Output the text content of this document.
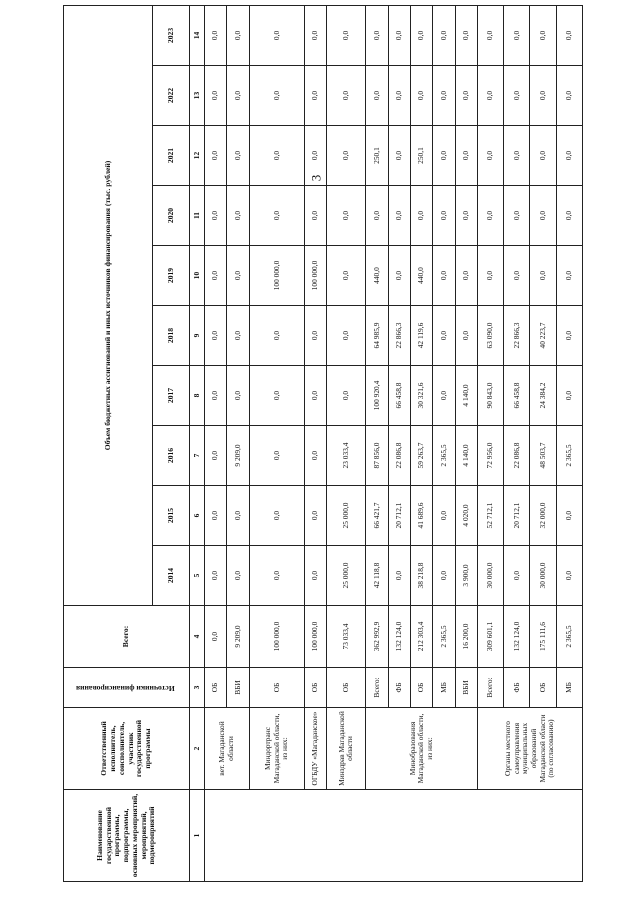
3
Наименование государственной программы, подпрограммы, основных мероприятий, мероприятий, подмероприятий	Ответственный исполнитель, соисполнитель, участник государственной программы	Источники финансирования	Всего:	Объем бюджетных ассигнований и иных источников финансирования (тыс. рублей)									
				2014	2015	2016	2017	2018	2019	2020	2021	2022	2023
1	2	3	4	5	6	7	8	9	10	11	12	13	14
	вет. Магаданской области	ОБ	0,0	0,0	0,0	0,0	0,0	0,0	0,0	0,0	0,0	0,0	0,0
		ВБИ	9 209,0	0,0	0,0	9 209,0	0,0	0,0	0,0	0,0	0,0	0,0	0,0
	Миндортранс Магаданской области, из них:	ОБ	100 000,0	0,0	0,0	0,0	0,0	0,0	100 000,0	0,0	0,0	0,0	0,0
	ОГБДУ «Магаданское»	ОБ	100 000,0	0,0	0,0	0,0	0,0	0,0	100 000,0	0,0	0,0	0,0	0,0
	Минздрав Магаданской области	ОБ	73 033,4	25 000,0	25 000,0	23 033,4	0,0	0,0	0,0	0,0	0,0	0,0	0,0
	Минобразования Магаданской области, из них:	Всего:	362 992,9	42 118,8	66 421,7	87 856,0	100 920,4	64 985,9	440,0	0,0	250,1	0,0	0,0
		ФБ	132 124,0	0,0	20 712,1	22 086,8	66 458,8	22 866,3	0,0	0,0	0,0	0,0	0,0
		ОБ	212 303,4	38 218,8	41 689,6	59 263,7	30 321,6	42 119,6	440,0	0,0	250,1	0,0	0,0
		МБ	2 365,5	0,0	0,0	2 365,5	0,0	0,0	0,0	0,0	0,0	0,0	0,0
		ВБИ	16 200,0	3 900,0	4 020,0	4 140,0	4 140,0	0,0	0,0	0,0	0,0	0,0	0,0
	Органы местного самоуправления муниципальных образований Магаданской области (по согласованию)	Всего:	309 601,1	30 000,0	52 712,1	72 956,0	90 843,0	63 090,0	0,0	0,0	0,0	0,0	0,0
		ФБ	132 124,0	0,0	20 712,1	22 086,8	66 458,8	22 866,3	0,0	0,0	0,0	0,0	0,0
		ОБ	175 111,6	30 000,0	32 000,0	48 503,7	24 384,2	40 223,7	0,0	0,0	0,0	0,0	0,0
		МБ	2 365,5	0,0	0,0	2 365,5	0,0	0,0	0,0	0,0	0,0	0,0	0,0
